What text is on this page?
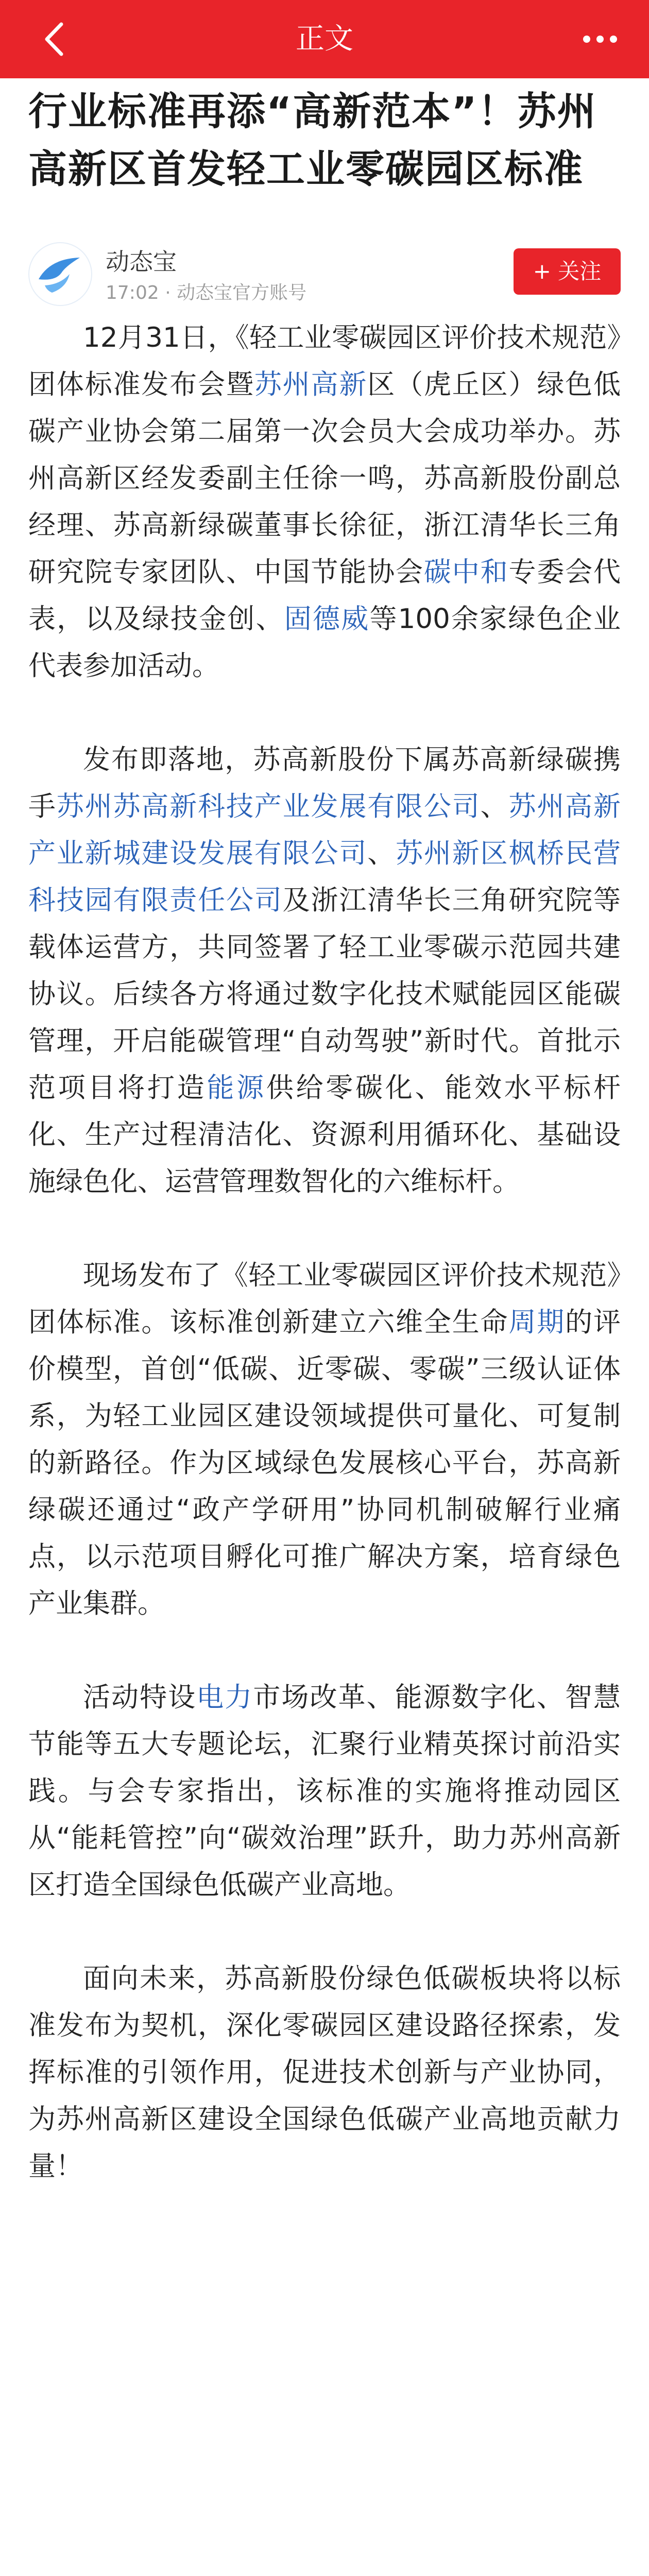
正文
行业标准再添“高新范本”！苏州高新区首发轻工业零碳园区标准
动态宝
17:02 · 动态宝官方账号
+ 关注

12月31日，《轻工业零碳园区评价技术规范》团体标准发布会暨苏州高新区（虎丘区）绿色低碳产业协会第二届第一次会员大会成功举办。苏州高新区经发委副主任徐一鸣，苏高新股份副总经理、苏高新绿碳董事长徐征，浙江清华长三角研究院专家团队、中国节能协会碳中和专委会代表，以及绿技金创、固德威等100余家绿色企业代表参加活动。

发布即落地，苏高新股份下属苏高新绿碳携手苏州苏高新科技产业发展有限公司、苏州高新产业新城建设发展有限公司、苏州新区枫桥民营科技园有限责任公司及浙江清华长三角研究院等载体运营方，共同签署了轻工业零碳示范园共建协议。后续各方将通过数字化技术赋能园区能碳管理，开启能碳管理“自动驾驶”新时代。首批示范项目将打造能源供给零碳化、能效水平标杆化、生产过程清洁化、资源利用循环化、基础设施绿色化、运营管理数智化的六维标杆。

现场发布了《轻工业零碳园区评价技术规范》团体标准。该标准创新建立六维全生命周期的评价模型，首创“低碳、近零碳、零碳”三级认证体系，为轻工业园区建设领域提供可量化、可复制的新路径。作为区域绿色发展核心平台，苏高新绿碳还通过“政产学研用”协同机制破解行业痛点，以示范项目孵化可推广解决方案，培育绿色产业集群。

活动特设电力市场改革、能源数字化、智慧节能等五大专题论坛，汇聚行业精英探讨前沿实践。与会专家指出，该标准的实施将推动园区从“能耗管控”向“碳效治理”跃升，助力苏州高新区打造全国绿色低碳产业高地。

面向未来，苏高新股份绿色低碳板块将以标准发布为契机，深化零碳园区建设路径探索，发挥标准的引领作用，促进技术创新与产业协同，为苏州高新区建设全国绿色低碳产业高地贡献力量！
